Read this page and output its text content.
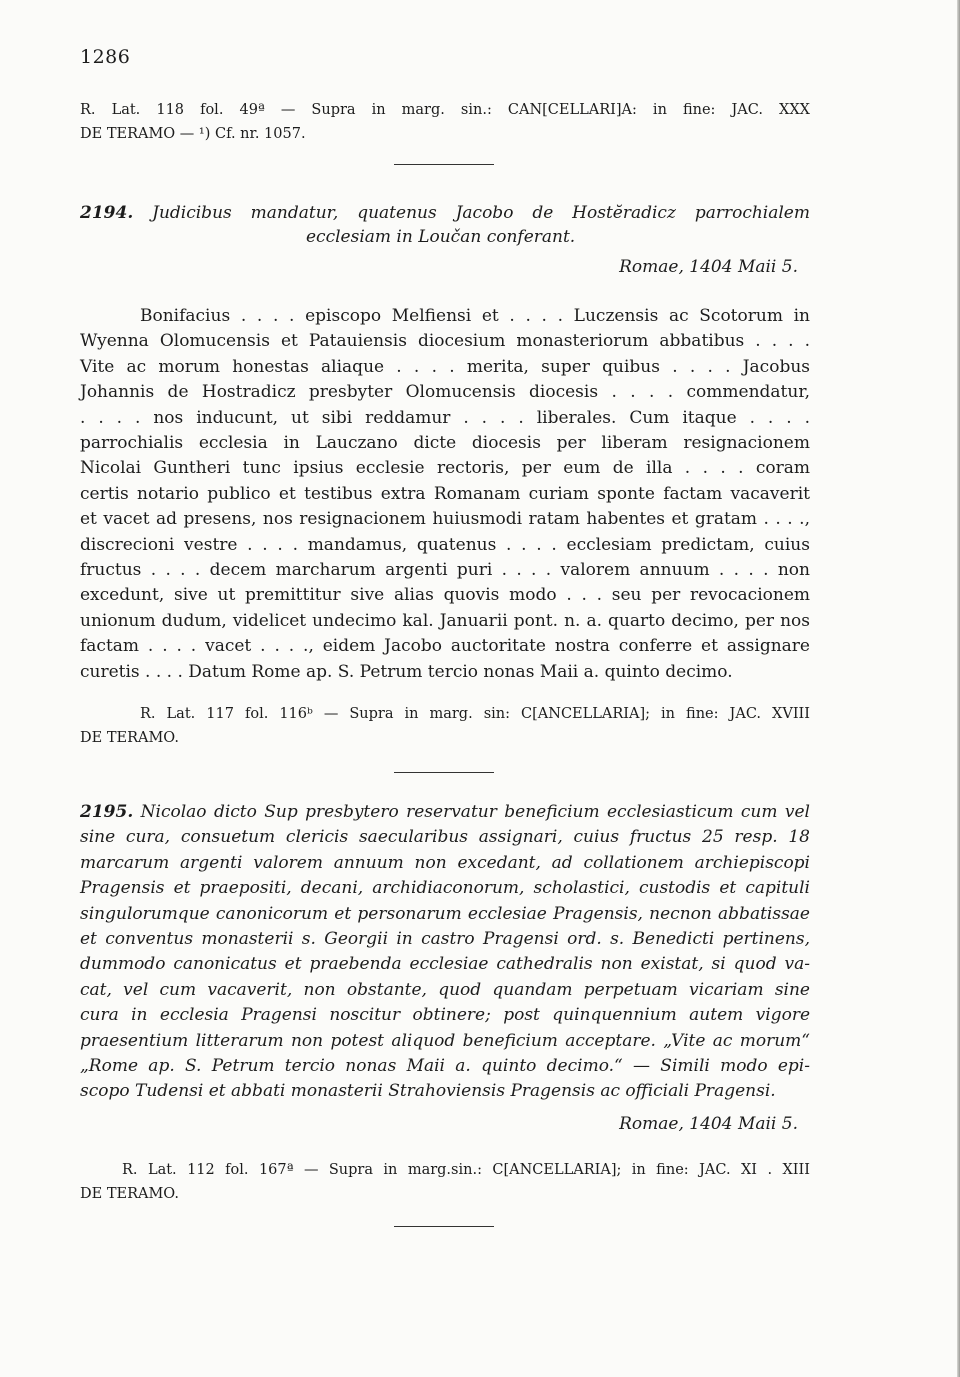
1286
R. Lat. 118 fol. 49ª — Supra in marg. sin.: CAN[CELLARI]A: in fine: JAC. XXX
DE TERAMO — ¹) Cf. nr. 1057.
2194. Judicibus mandatur, quatenus Jacobo de Hostĕradicz parrochialem
ecclesiam in Loučan conferant.
Romae, 1404 Maii 5.
Bonifacius . . . . episcopo Melfiensi et . . . . Luczensis ac Scotorum in
Wyenna Olomucensis et Patauiensis diocesium monasteriorum abbatibus . . . .
Vite ac morum honestas aliaque . . . . merita, super quibus . . . . Jacobus
Johannis de Hostradicz presbyter Olomucensis diocesis . . . . commendatur,
. . . . nos inducunt, ut sibi reddamur . . . . liberales. Cum itaque . . . .
parrochialis ecclesia in Lauczano dicte diocesis per liberam resignacionem
Nicolai Guntheri tunc ipsius ecclesie rectoris, per eum de illa . . . . coram
certis notario publico et testibus extra Romanam curiam sponte factam vacaverit
et vacet ad presens, nos resignacionem huiusmodi ratam habentes et gratam . . . .,
discrecioni vestre . . . . mandamus, quatenus . . . . ecclesiam predictam, cuius
fructus . . . . decem marcharum argenti puri . . . . valorem annuum . . . . non
excedunt, sive ut premittitur sive alias quovis modo . . . seu per revocacionem
unionum dudum, videlicet undecimo kal. Januarii pont. n. a. quarto decimo, per nos
factam . . . . vacet . . . ., eidem Jacobo auctoritate nostra conferre et assignare
curetis . . . . Datum Rome ap. S. Petrum tercio nonas Maii a. quinto decimo.
R. Lat. 117 fol. 116ᵇ — Supra in marg. sin: C[ANCELLARIA]; in fine: JAC. XVIII
DE TERAMO.
2195. Nicolao dicto Sup presbytero reservatur beneficium ecclesiasticum cum vel
sine cura, consuetum clericis saecularibus assignari, cuius fructus 25 resp. 18
marcarum argenti valorem annuum non excedant, ad collationem archiepiscopi
Pragensis et praepositi, decani, archidiaconorum, scholastici, custodis et capituli
singulorumque canonicorum et personarum ecclesiae Pragensis, necnon abbatissae
et conventus monasterii s. Georgii in castro Pragensi ord. s. Benedicti pertinens,
dummodo canonicatus et praebenda ecclesiae cathedralis non existat, si quod va-
cat, vel cum vacaverit, non obstante, quod quandam perpetuam vicariam sine
cura in ecclesia Pragensi noscitur obtinere; post quinquennium autem vigore
praesentium litterarum non potest aliquod beneficium acceptare. „Vite ac morum“
„Rome ap. S. Petrum tercio nonas Maii a. quinto decimo.“ — Simili modo epi-
scopo Tudensi et abbati monasterii Strahoviensis Pragensis ac officiali Pragensi.
Romae, 1404 Maii 5.
R. Lat. 112 fol. 167ª — Supra in marg.sin.: C[ANCELLARIA]; in fine: JAC. XI . XIII
DE TERAMO.
